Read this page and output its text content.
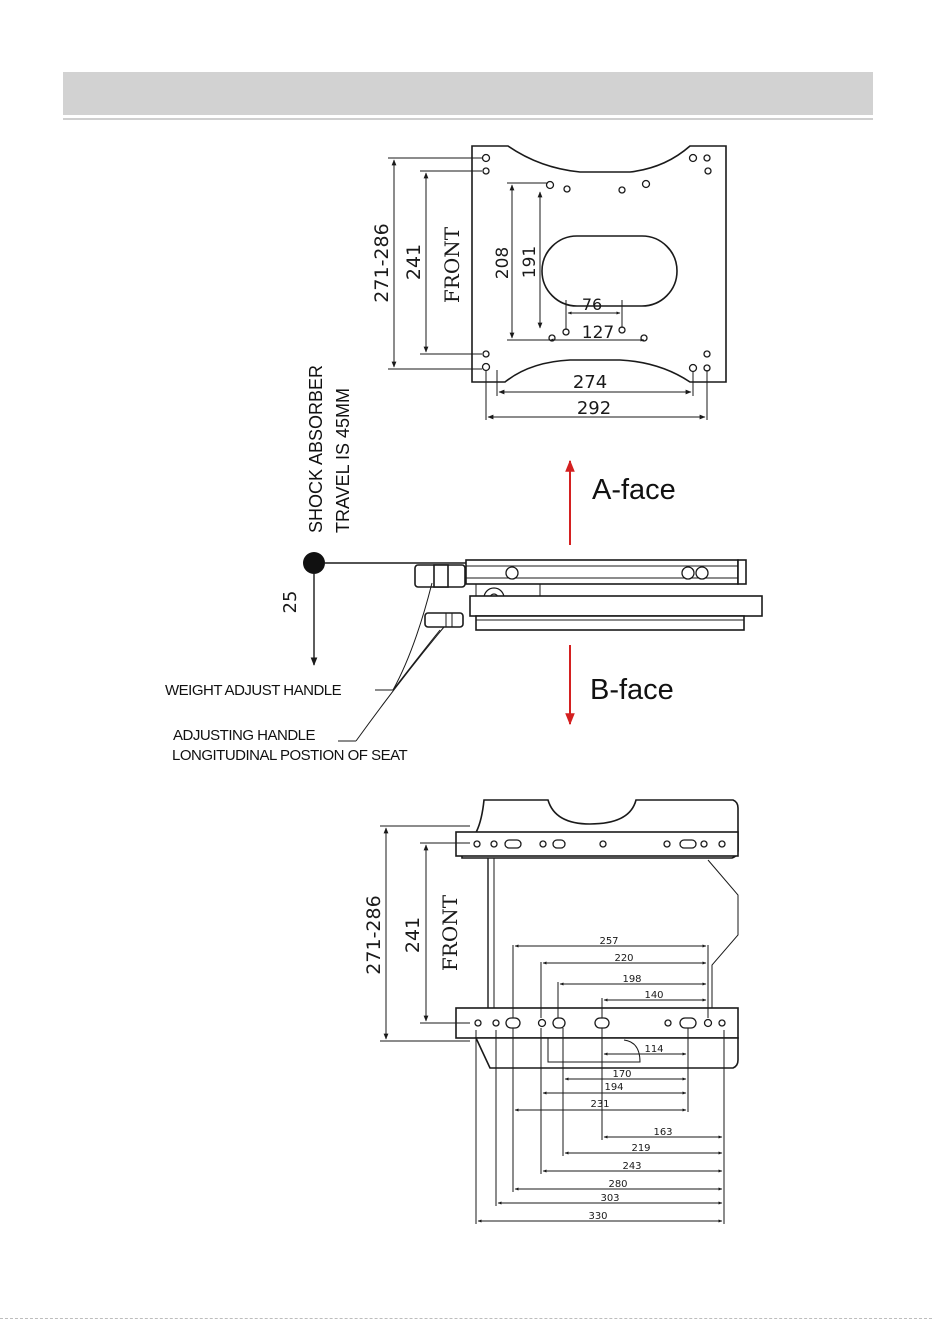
271-286 241 FRONT 208 191
76
127
274
292
A-face
B-face
SHOCK ABSORBER TRAVEL IS 45MM
25
WEIGHT ADJUST HANDLE
ADJUSTING HANDLE
LONGITUDINAL POSTION OF SEAT
271-286 241 FRONT	257
220
198
140
114
170
194
231
163
219
243
280
303
330
